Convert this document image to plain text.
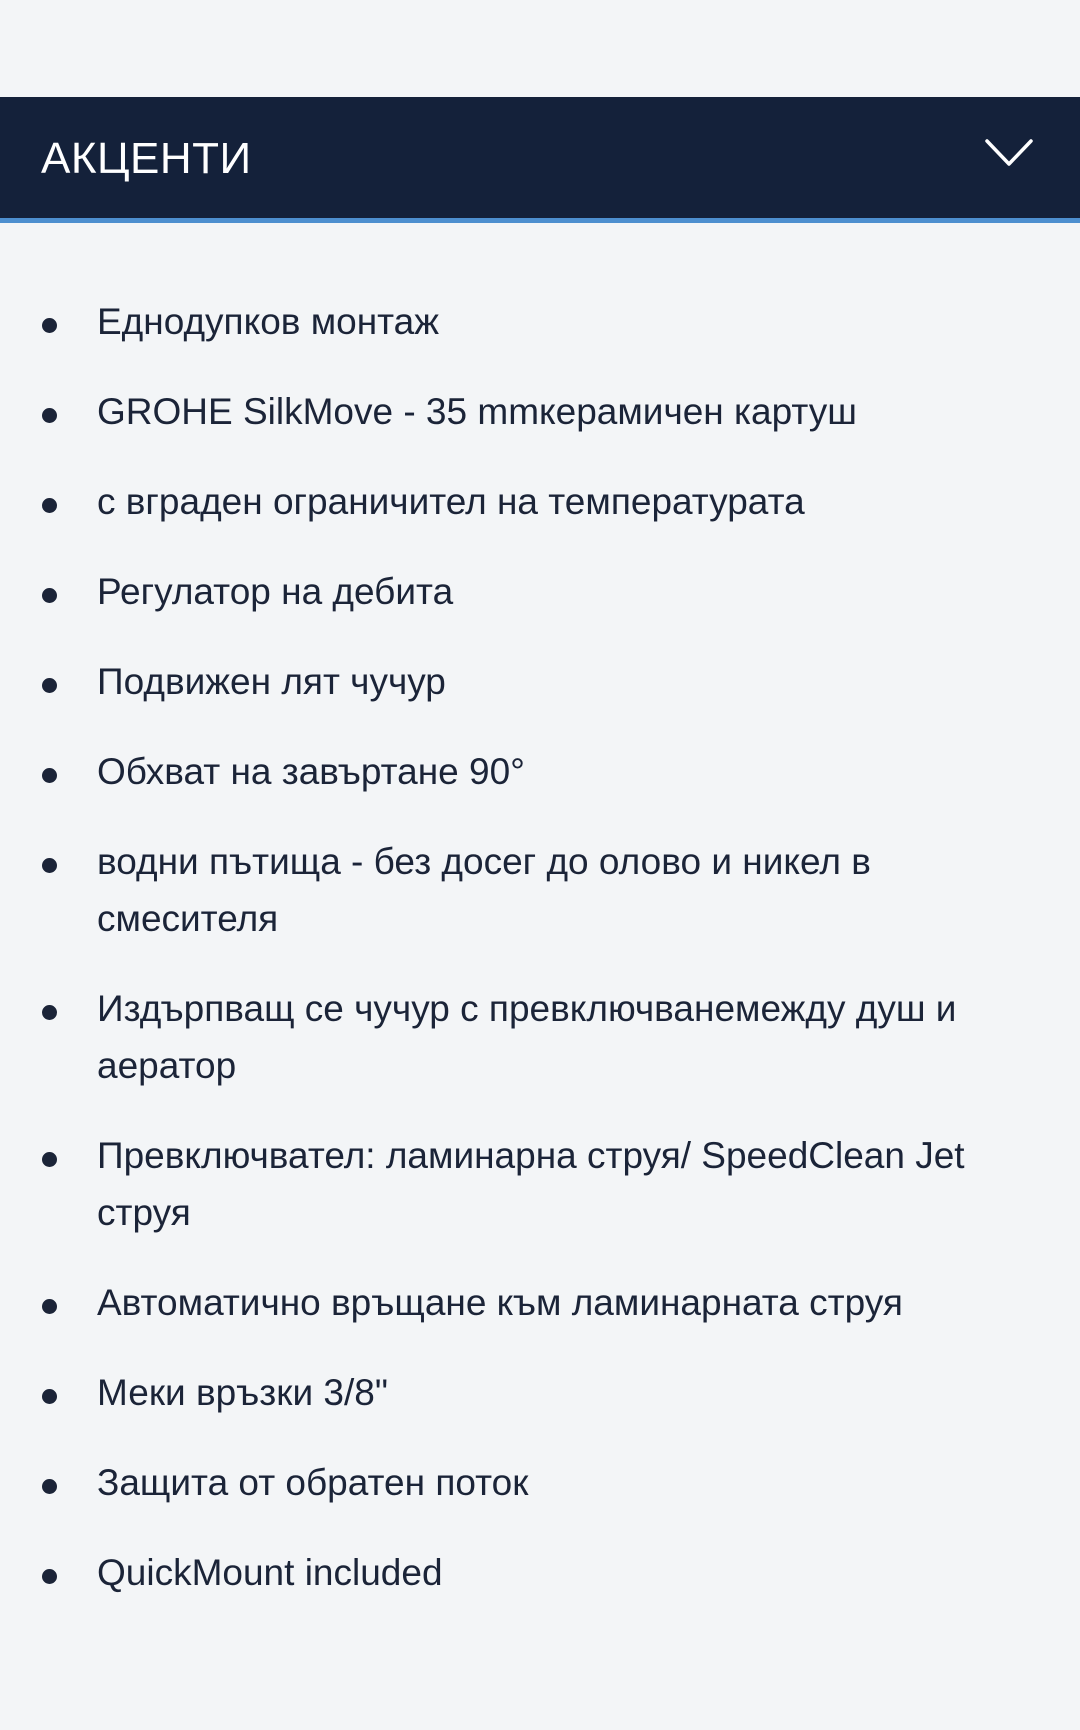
АКЦЕНТИ
Еднодупков монтаж
GROHE SilkMove - 35 mmкерамичен картуш
с вграден ограничител на температурата
Регулатор на дебита
Подвижен лят чучур
Обхват на завъртане 90°
водни пътища - без досег до олово и никел в смесителя
Издърпващ се чучур с превключванемежду душ и аератор
Превключвател: ламинарна струя/ SpeedClean Jet струя
Автоматично връщане към ламинарната струя
Меки връзки 3/8"
Защита от обратен поток
QuickMount included
